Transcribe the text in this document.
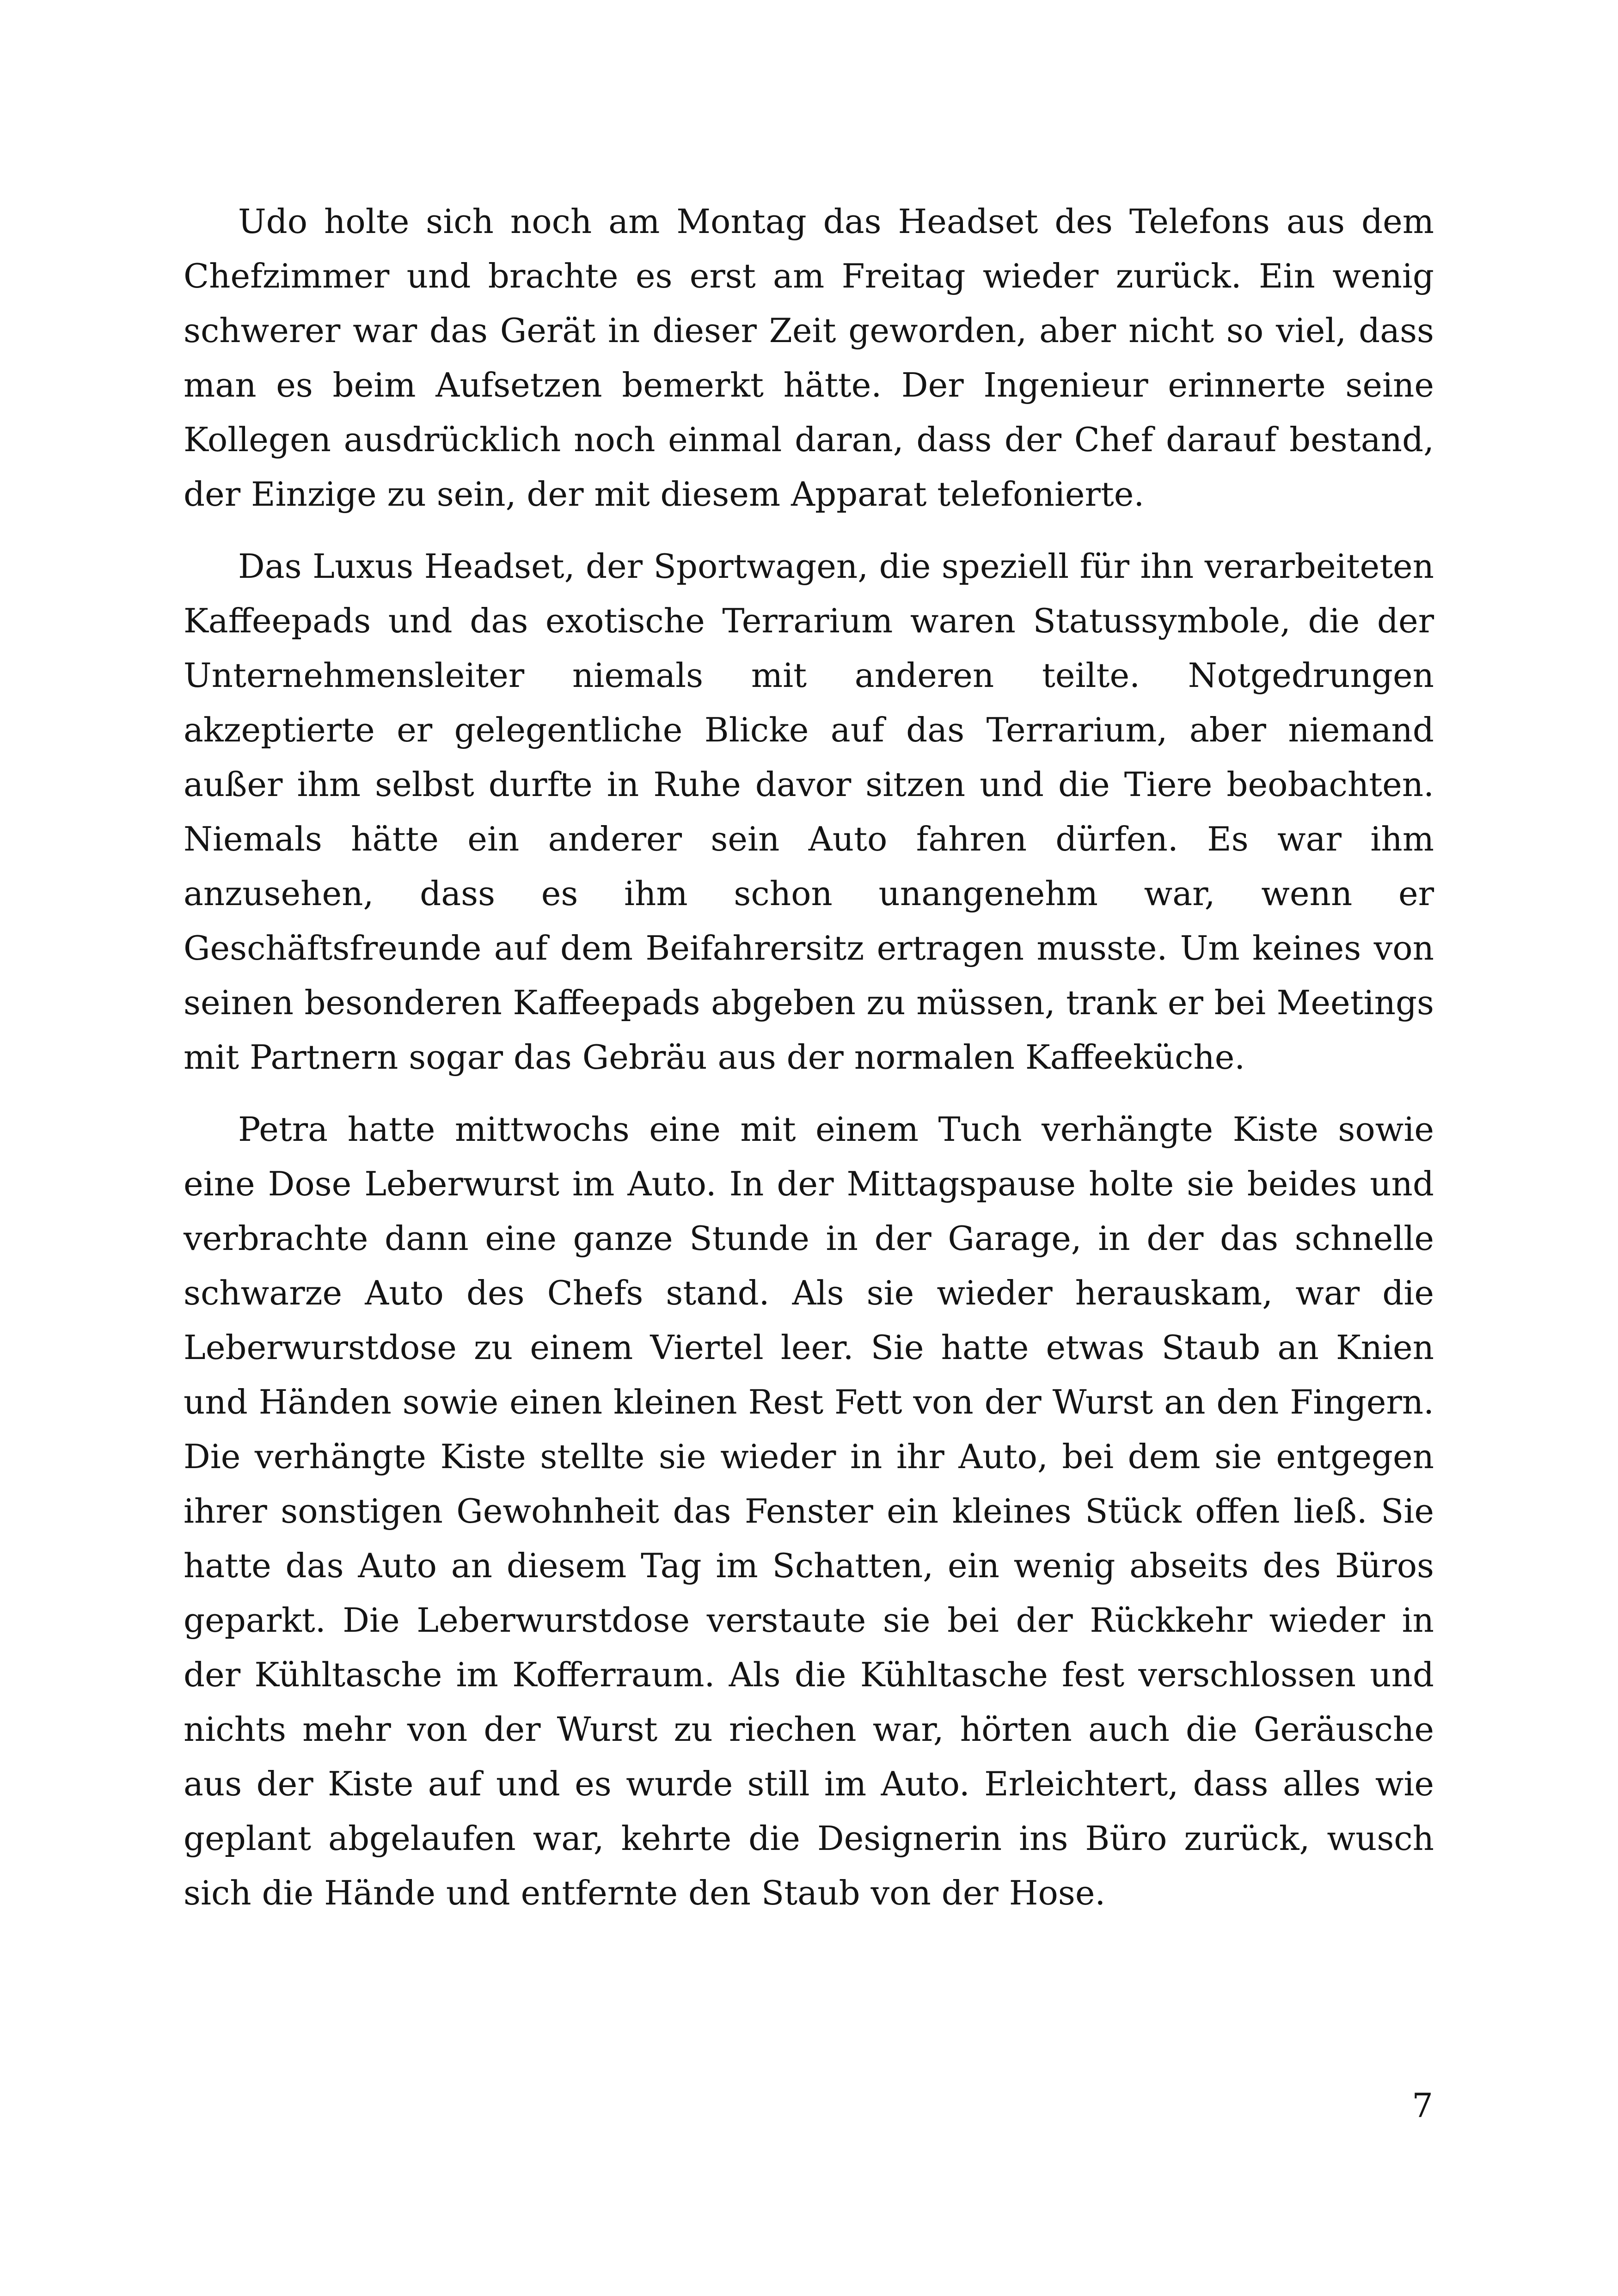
Udo holte sich noch am Montag das Headset des Telefons aus dem Chefzimmer und brachte es erst am Freitag wieder zurück. Ein wenig schwerer war das Gerät in dieser Zeit geworden, aber nicht so viel, dass man es beim Aufsetzen bemerkt hätte. Der Ingenieur erinnerte seine Kollegen ausdrücklich noch einmal daran, dass der Chef darauf bestand, der Einzige zu sein, der mit diesem Apparat telefonierte.

Das Luxus Headset, der Sportwagen, die speziell für ihn verarbeiteten Kaffeepads und das exotische Terrarium waren Statussymbole, die der Unternehmensleiter niemals mit anderen teilte. Notgedrungen akzeptierte er gelegentliche Blicke auf das Terrarium, aber niemand außer ihm selbst durfte in Ruhe davor sitzen und die Tiere beobachten. Niemals hätte ein anderer sein Auto fahren dürfen. Es war ihm anzusehen, dass es ihm schon unangenehm war, wenn er Geschäftsfreunde auf dem Beifahrersitz ertragen musste. Um keines von seinen besonderen Kaffeepads abgeben zu müssen, trank er bei Meetings mit Partnern sogar das Gebräu aus der normalen Kaffeeküche.

Petra hatte mittwochs eine mit einem Tuch verhängte Kiste sowie eine Dose Leberwurst im Auto. In der Mittagspause holte sie beides und verbrachte dann eine ganze Stunde in der Garage, in der das schnelle schwarze Auto des Chefs stand. Als sie wieder herauskam, war die Leberwurstdose zu einem Viertel leer. Sie hatte etwas Staub an Knien und Händen sowie einen kleinen Rest Fett von der Wurst an den Fingern. Die verhängte Kiste stellte sie wieder in ihr Auto, bei dem sie entgegen ihrer sonstigen Gewohnheit das Fenster ein kleines Stück offen ließ. Sie hatte das Auto an diesem Tag im Schatten, ein wenig abseits des Büros geparkt. Die Leberwurstdose verstaute sie bei der Rückkehr wieder in der Kühltasche im Kofferraum. Als die Kühltasche fest verschlossen und nichts mehr von der Wurst zu riechen war, hörten auch die Geräusche aus der Kiste auf und es wurde still im Auto. Erleichtert, dass alles wie geplant abgelaufen war, kehrte die Designerin ins Büro zurück, wusch sich die Hände und entfernte den Staub von der Hose.

7
